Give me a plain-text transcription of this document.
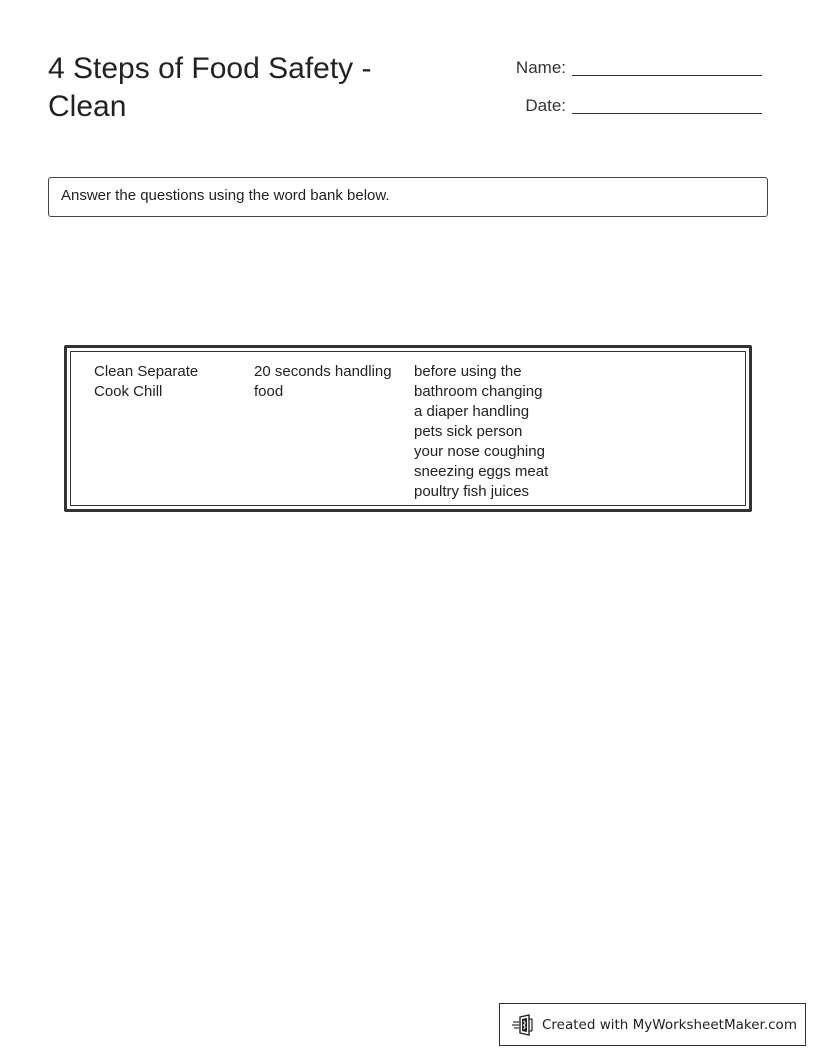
4 Steps of Food Safety -
Clean
Name:
Date:
Answer the questions using the word bank below.
Clean Separate
Cook Chill
20 seconds handling
food
before using the
bathroom changing
a diaper handling
pets sick person
your nose coughing
sneezing eggs meat
poultry fish juices
Created with MyWorksheetMaker.com
